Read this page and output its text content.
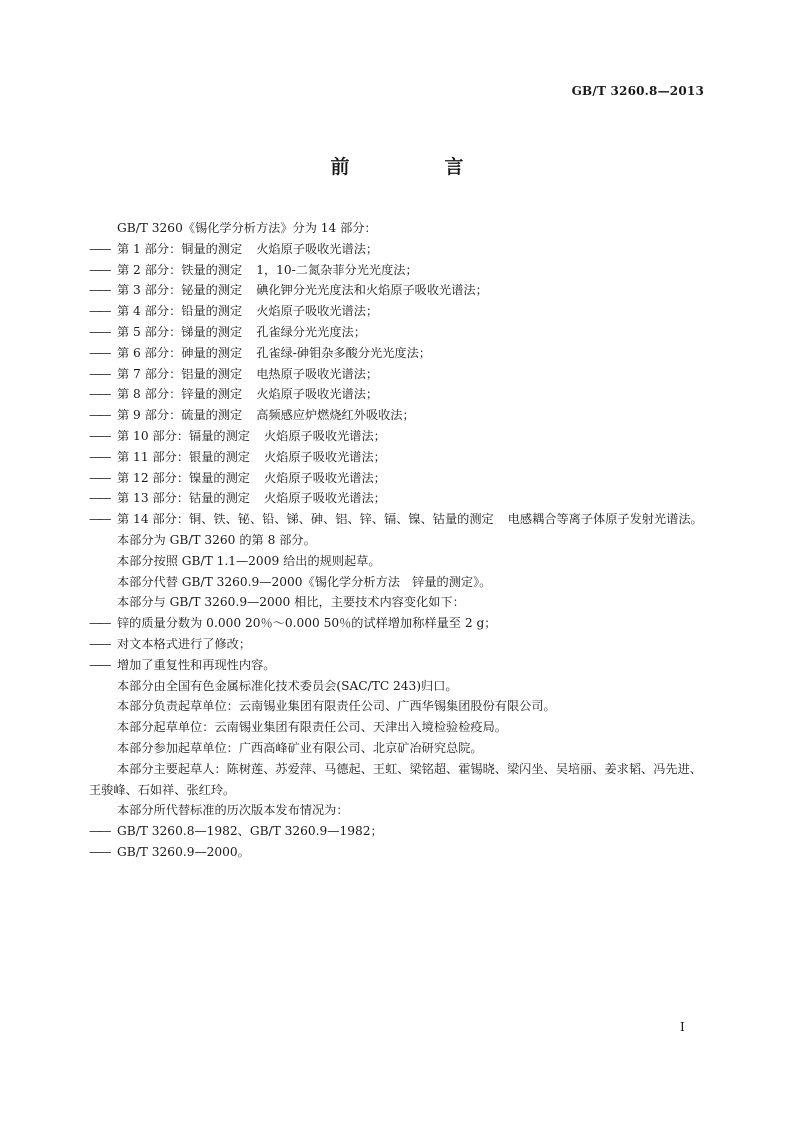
GB/T 3260.8—2013
前　言

GB/T 3260《锡化学分析方法》分为 14 部分：

—— 第 1 部分：铜量的测定 火焰原子吸收光谱法；

—— 第 2 部分：铁量的测定 1，10-二氮杂菲分光光度法；

—— 第 3 部分：铋量的测定 碘化钾分光光度法和火焰原子吸收光谱法；

—— 第 4 部分：铅量的测定 火焰原子吸收光谱法；

—— 第 5 部分：锑量的测定 孔雀绿分光光度法；

—— 第 6 部分：砷量的测定 孔雀绿-砷钼杂多酸分光光度法；

—— 第 7 部分：铝量的测定 电热原子吸收光谱法；

—— 第 8 部分：锌量的测定 火焰原子吸收光谱法；

—— 第 9 部分：硫量的测定 高频感应炉燃烧红外吸收法；

—— 第 10 部分：镉量的测定 火焰原子吸收光谱法；

—— 第 11 部分：银量的测定 火焰原子吸收光谱法；

—— 第 12 部分：镍量的测定 火焰原子吸收光谱法；

—— 第 13 部分：钴量的测定 火焰原子吸收光谱法；

—— 第 14 部分：铜、铁、铋、铅、锑、砷、铝、锌、镉、镍、钴量的测定 电感耦合等离子体原子发射光谱法。

本部分为 GB/T 3260 的第 8 部分。

本部分按照 GB/T 1.1—2009 给出的规则起草。

本部分代替 GB/T 3260.9—2000《锡化学分析方法　锌量的测定》。

本部分与 GB/T 3260.9—2000 相比，主要技术内容变化如下：

—— 锌的质量分数为 0.000 20％～0.000 50％的试样增加称样量至 2 g；

—— 对文本格式进行了修改；

—— 增加了重复性和再现性内容。

本部分由全国有色金属标准化技术委员会(SAC/TC 243)归口。

本部分负责起草单位：云南锡业集团有限责任公司、广西华锡集团股份有限公司。

本部分起草单位：云南锡业集团有限责任公司、天津出入境检验检疫局。

本部分参加起草单位：广西高峰矿业有限公司、北京矿冶研究总院。

本部分主要起草人：陈树莲、苏爱萍、马德起、王虹、梁铭超、霍锡晓、梁闪坐、吴培丽、姜求韬、冯先进、王骏峰、石如祥、张红玲。

本部分所代替标准的历次版本发布情况为：

—— GB/T 3260.8—1982、GB/T 3260.9—1982；

—— GB/T 3260.9—2000。

I
